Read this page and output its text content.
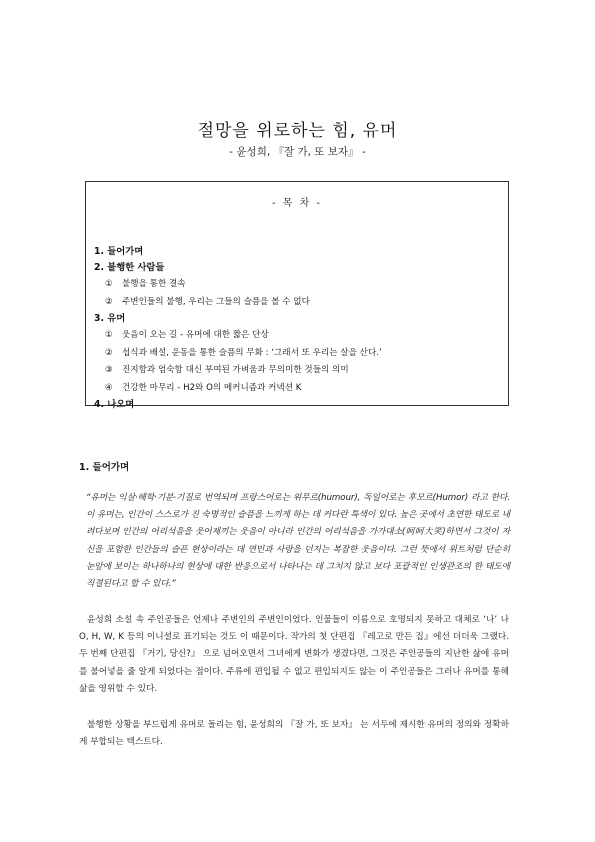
절망을 위로하는 힘, 유머
- 윤성희, 『잘 가, 또 보자』 -
- 목 차 -
1. 들어가며
2. 불행한 사람들
① 불행을 통한 결속
② 주변인들의 불행, 우리는 그들의 슬픔을 볼 수 없다
3. 유머
① 웃음이 오는 길 - 유머에 대한 짧은 단상
② 섭식과 배설, 운동을 통한 슬픔의 무화 : ‘그래서 또 우리는 살을 산다.’
③ 진지함과 엄숙함 대신 부여된 가벼움과 무의미한 것들의 의미
④ 건강한 마무리 - H2와 O의 메커니즘과 커넥션 K
4. 나오며
1. 들어가며
“유머는 익살·해학·기분·기질로 번역되며 프랑스어로는 위무르(humour), 독일어로는 후모르(Humor) 라고 한다. 이 유머는, 인간이 스스로가 진 숙명적인 슬픔을 느끼게 하는 데 커다란 특색이 있다. 높은 곳에서 초연한 태도로 내려다보며 인간의 어리석음을 웃어제끼는 웃음이 아니라 인간의 어리석음을 가가대소(呵呵大笑)하면서 그것이 자신을 포함한 인간들의 슬픈 현상이라는 데 연민과 사랑을 던지는 복잡한 웃음이다. 그런 뜻에서 위트처럼 단순히 눈앞에 보이는 하나하나의 현상에 대한 반응으로서 나타나는 데 그치지 않고 보다 포괄적인 인생관조의 한 태도에 직결된다고 할 수 있다.”
윤성희 소설 속 주인공들은 언제나 주변인의 주변인이었다. 인물들이 이름으로 호명되지 못하고 대체로 ‘나’ 나 O, H, W, K 등의 이니셜로 표기되는 것도 이 때문이다. 작가의 첫 단편집 『레고로 만든 집』에선 더더욱 그랬다. 두 번째 단편집 『거기, 당신?』 으로 넘어오면서 그녀에게 변화가 생겼다면, 그것은 주인공들의 지난한 삶에 유머를 불어넣을 줄 알게 되었다는 점이다. 주류에 편입될 수 없고 편입되지도 않는 이 주인공들은 그러나 유머를 통해 삶을 영위할 수 있다.
불행한 상황을 부드럽게 유머로 돌리는 힘, 윤성희의 『잘 가, 또 보자』 는 서두에 제시한 유머의 정의와 정확하게 부합되는 텍스트다.
